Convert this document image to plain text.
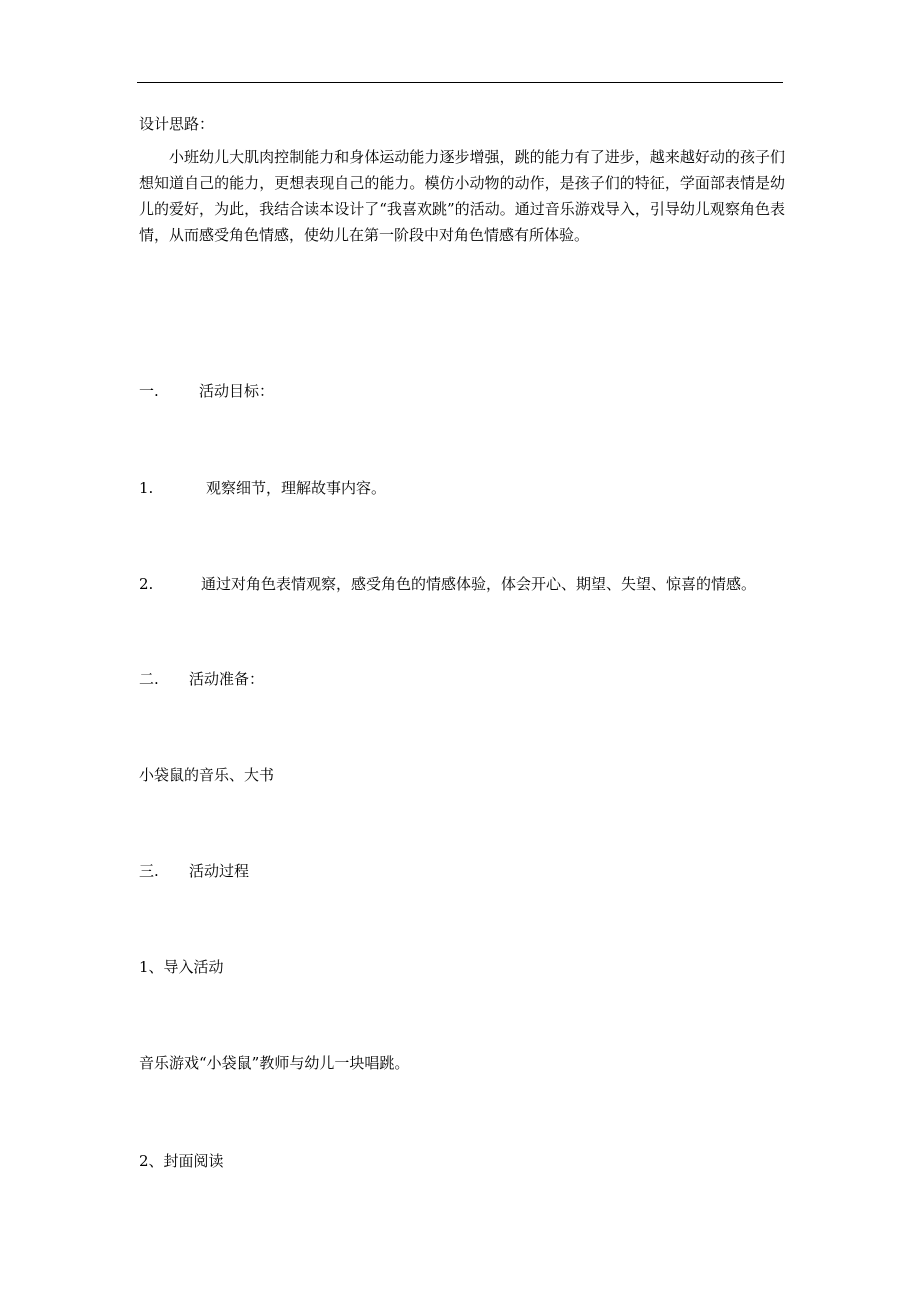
设计思路：
小班幼儿大肌肉控制能力和身体运动能力逐步增强，跳的能力有了进步，越来越好动的孩子们想知道自己的能力，更想表现自己的能力。模仿小动物的动作，是孩子们的特征，学面部表情是幼儿的爱好，为此，我结合读本设计了“我喜欢跳”的活动。通过音乐游戏导入，引导幼儿观察角色表情，从而感受角色情感，使幼儿在第一阶段中对角色情感有所体验。
一.	活动目标：
1.	观察细节，理解故事内容。
2.	通过对角色表情观察，感受角色的情感体验，体会开心、期望、失望、惊喜的情感。
二. 活动准备：
小袋鼠的音乐、大书
三. 活动过程
1、导入活动
音乐游戏“小袋鼠”教师与幼儿一块唱跳。
2、封面阅读
